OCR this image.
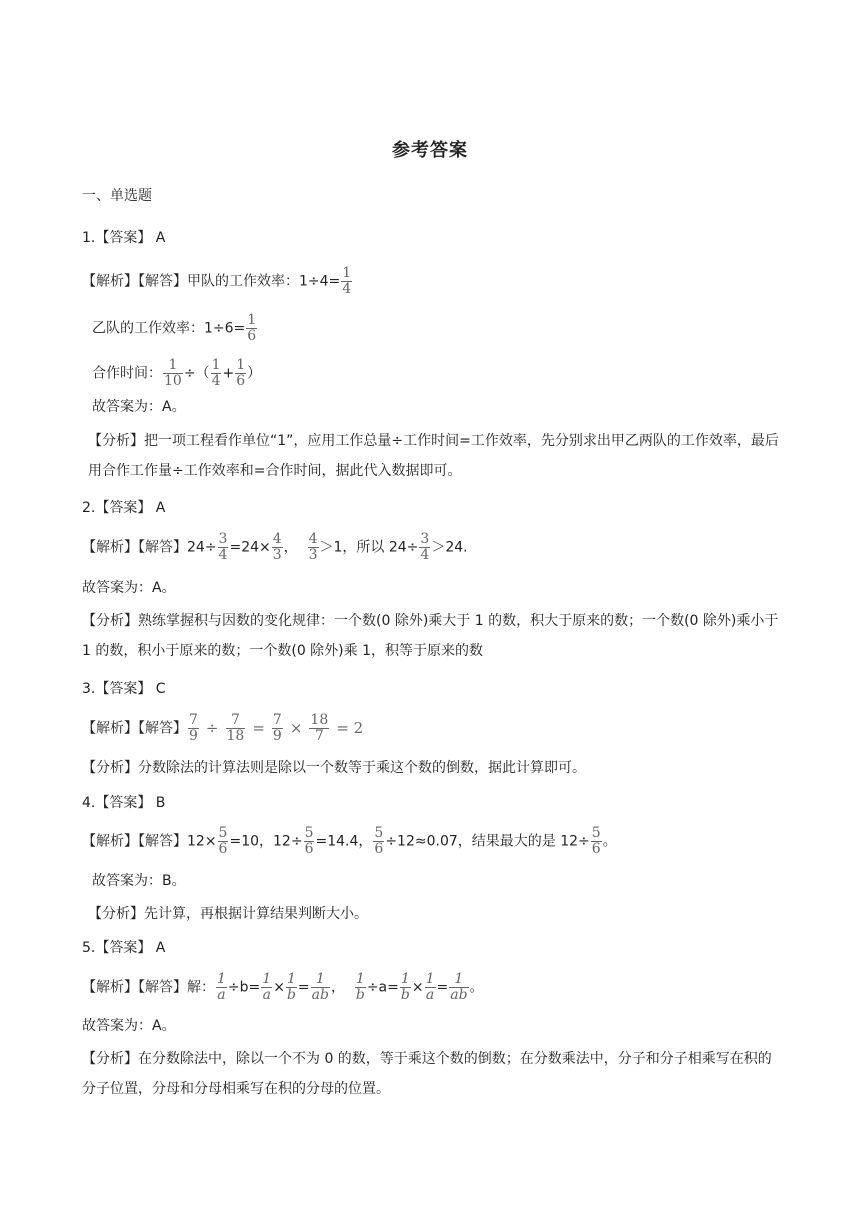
参考答案
一、单选题
1.【答案】 A
【解析】【解答】甲队的工作效率：$1\div 4= \frac{1}{4}$
乙队的工作效率：$1\div 6= \frac{1}{6}$
合作时间： $\frac{1}{10}$ ÷（ $\frac{1}{4} + \frac{1}{6}$ ）
故答案为：A。
【分析】把一项工程看作单位“1”，应用工作总量÷工作时间=工作效率，先分别求出甲乙两队的工作效率，最后用合作工作量÷工作效率和=合作时间，据此代入数据即可。
2.【答案】 A
【解析】【解答】$24\div \frac{3}{4} =24\times \frac{4}{3}$ ， $\frac{4}{3} >1$，所以 $24\div \frac{3}{4} >24$.
故答案为：A。
【分析】熟练掌握积与因数的变化规律：一个数(0 除外)乘大于 1 的数，积大于原来的数；一个数(0 除外)乘小于 1 的数，积小于原来的数；一个数(0 除外)乘 1，积等于原来的数
3.【答案】 C
【解析】【解答】 $\frac{7}{9} \div \frac{7}{18} = \frac{7}{9} \times \frac{18}{7} = 2$
【分析】分数除法的计算法则是除以一个数等于乘这个数的倒数，据此计算即可。
4.【答案】 B
【解析】【解答】$12\times \frac{5}{6} =10$，$12\div \frac{5}{6} =14.4$， $\frac{5}{6} \div 12\approx 0.07$，结果最大的是 $12\div \frac{5}{6}$ 。
故答案为：B。
【分析】先计算，再根据计算结果判断大小。
5.【答案】 A
【解析】【解答】解： $\frac{1}{a} \div b= \frac{1}{a} \times \frac{1}{b} = \frac{1}{ab}$ ， $\frac{1}{b} \div a= \frac{1}{b} \times \frac{1}{a} = \frac{1}{ab}$ 。
故答案为：A。
【分析】在分数除法中，除以一个不为 0 的数，等于乘这个数的倒数；在分数乘法中，分子和分子相乘写在积的分子位置，分母和分母相乘写在积的分母的位置。
